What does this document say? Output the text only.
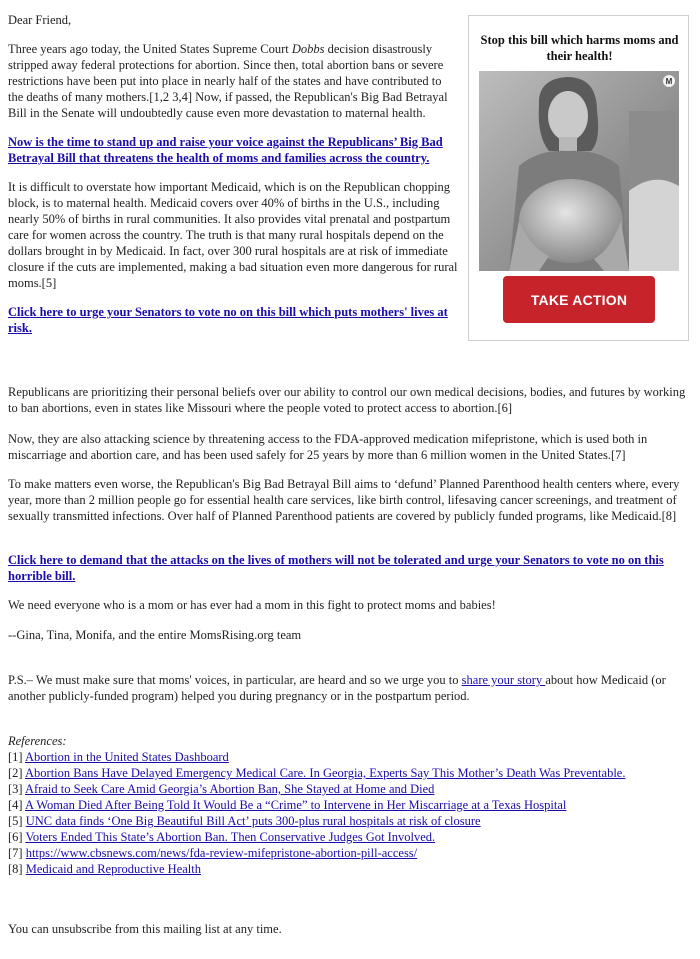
Dear Friend,

Three years ago today, the United States Supreme Court Dobbs decision disastrously stripped away federal protections for abortion. Since then, total abortion bans or severe restrictions have been put into place in nearly half of the states and have contributed to the deaths of many mothers.[1,2 3,4] Now, if passed, the Republican's Big Bad Betrayal Bill in the Senate will undoubtedly cause even more devastation to maternal health.

Now is the time to stand up and raise your voice against the Republicans’ Big Bad Betrayal Bill that threatens the health of moms and families across the country.

It is difficult to overstate how important Medicaid, which is on the Republican chopping block, is to maternal health. Medicaid covers over 40% of births in the U.S., including nearly 50% of births in rural communities. It also provides vital prenatal and postpartum care for women across the country. The truth is that many rural hospitals depend on the dollars brought in by Medicaid. In fact, over 300 rural hospitals are at risk of immediate closure if the cuts are implemented, making a bad situation even more dangerous for rural moms.[5]

Click here to urge your Senators to vote no on this bill which puts mothers' lives at risk.

Stop this bill which harms moms and their health!
M
TAKE ACTION

Republicans are prioritizing their personal beliefs over our ability to control our own medical decisions, bodies, and futures by working to ban abortions, even in states like Missouri where the people voted to protect access to abortion.[6]

Now, they are also attacking science by threatening access to the FDA-approved medication mifepristone, which is used both in miscarriage and abortion care, and has been used safely for 25 years by more than 6 million women in the United States.[7]

To make matters even worse, the Republican's Big Bad Betrayal Bill aims to ‘defund’ Planned Parenthood health centers where, every year, more than 2 million people go for essential health care services, like birth control, lifesaving cancer screenings, and treatment of sexually transmitted infections. Over half of Planned Parenthood patients are covered by publicly funded programs, like Medicaid.[8]

Click here to demand that the attacks on the lives of mothers will not be tolerated and urge your Senators to vote no on this horrible bill.

We need everyone who is a mom or has ever had a mom in this fight to protect moms and babies!

--Gina, Tina, Monifa, and the entire MomsRising.org team

P.S.– We must make sure that moms' voices, in particular, are heard and so we urge you to share your story about how Medicaid (or another publicly-funded program) helped you during pregnancy or in the postpartum period.

References:
[1] Abortion in the United States Dashboard
[2] Abortion Bans Have Delayed Emergency Medical Care. In Georgia, Experts Say This Mother’s Death Was Preventable.
[3] Afraid to Seek Care Amid Georgia’s Abortion Ban, She Stayed at Home and Died
[4] A Woman Died After Being Told It Would Be a “Crime” to Intervene in Her Miscarriage at a Texas Hospital
[5] UNC data finds ‘One Big Beautiful Bill Act’ puts 300-plus rural hospitals at risk of closure
[6] Voters Ended This State’s Abortion Ban. Then Conservative Judges Got Involved.
[7] https://www.cbsnews.com/news/fda-review-mifepristone-abortion-pill-access/
[8] Medicaid and Reproductive Health

You can unsubscribe from this mailing list at any time.
